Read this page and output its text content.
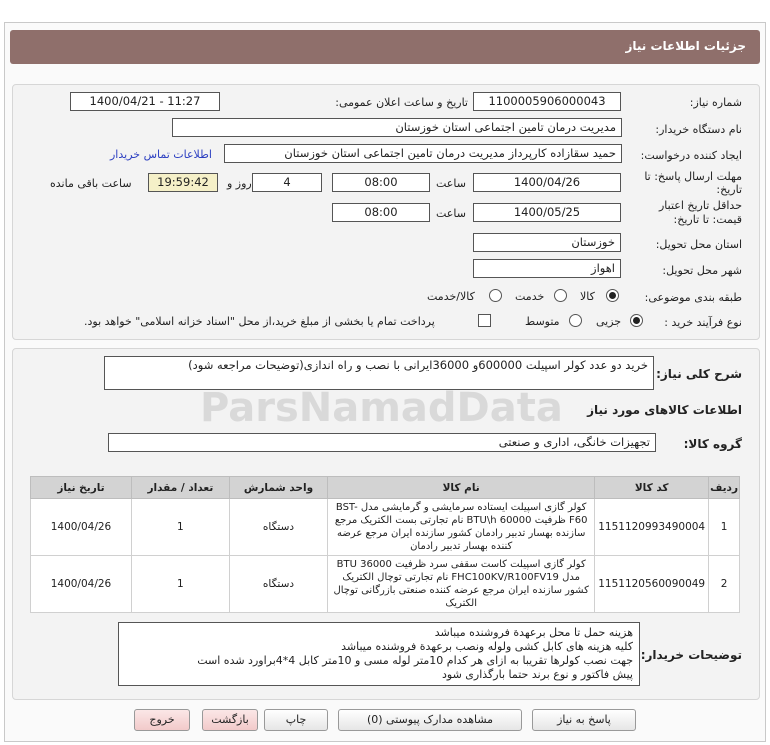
جزئیات اطلاعات نیاز
شماره نیاز:
1100005906000043
تاریخ و ساعت اعلان عمومی:
1400/04/21 - 11:27
نام دستگاه خریدار:
مدیریت درمان تامین اجتماعی استان خوزستان
ایجاد کننده درخواست:
حمید سقازاده کارپرداز مدیریت درمان تامین اجتماعی استان خوزستان
اطلاعات تماس خریدار
مهلت ارسال پاسخ: تا
تاریخ:
1400/04/26
ساعت
08:00
4
روز و
19:59:42
ساعت باقی مانده
حداقل تاریخ اعتبار
قیمت: تا تاریخ:
1400/05/25
ساعت
08:00
استان محل تحویل:
خوزستان
شهر محل تحویل:
اهواز
طبقه بندی موضوعی:
کالا
خدمت
کالا/خدمت
نوع فرآیند خرید :
جزیی
متوسط
پرداخت تمام یا بخشی از مبلغ خرید،از محل "اسناد خزانه اسلامی" خواهد بود.
شرح کلی نیاز:
خرید دو عدد کولر اسپیلت 600000و 36000ایرانی با نصب و راه اندازی(توضیحات مراجعه شود)
اطلاعات کالاهای مورد نیاز
گروه کالا:
تجهیزات خانگی، اداری و صنعتی
ردیف	کد کالا	نام کالا	واحد شمارش	تعداد / مقدار	تاریخ نیاز
1	1151120993490004	کولر گازی اسپیلت ایستاده سرمایشی و گرمایشی مدل BST-F60 ظرفیت BTU\h 60000 نام تجارتی بست الکتریک مرجع سازنده بهسار تدبیر رادمان کشور سازنده ایران مرجع عرضه کننده بهسار تدبیر رادمان	دستگاه	1	1400/04/26
2	1151120560090049	کولر گازی اسپیلت کاست سقفی سرد ظرفیت BTU 36000 مدل FHC100KV/R100FV19 نام تجارتی توچال الکتریک کشور سازنده ایران مرجع عرضه کننده صنعتی بازرگانی توچال الکتریک	دستگاه	1	1400/04/26
توضیحات خریدار:
هزینه حمل تا محل برعهدة فروشنده میباشد
کلیه هزینه های کابل کشی ولوله ونصب برعهدة فروشنده میباشد
جهت نصب کولرها تقریبا به ازای هر کدام 10متر لوله مسی و 10متر کابل 4*4براورد شده است
پیش فاکتور و نوع برند حتما بارگذاری شود
ParsNamadData
پاسخ به نیاز
مشاهده مدارک پیوستی (0)
چاپ
بازگشت
خروج
